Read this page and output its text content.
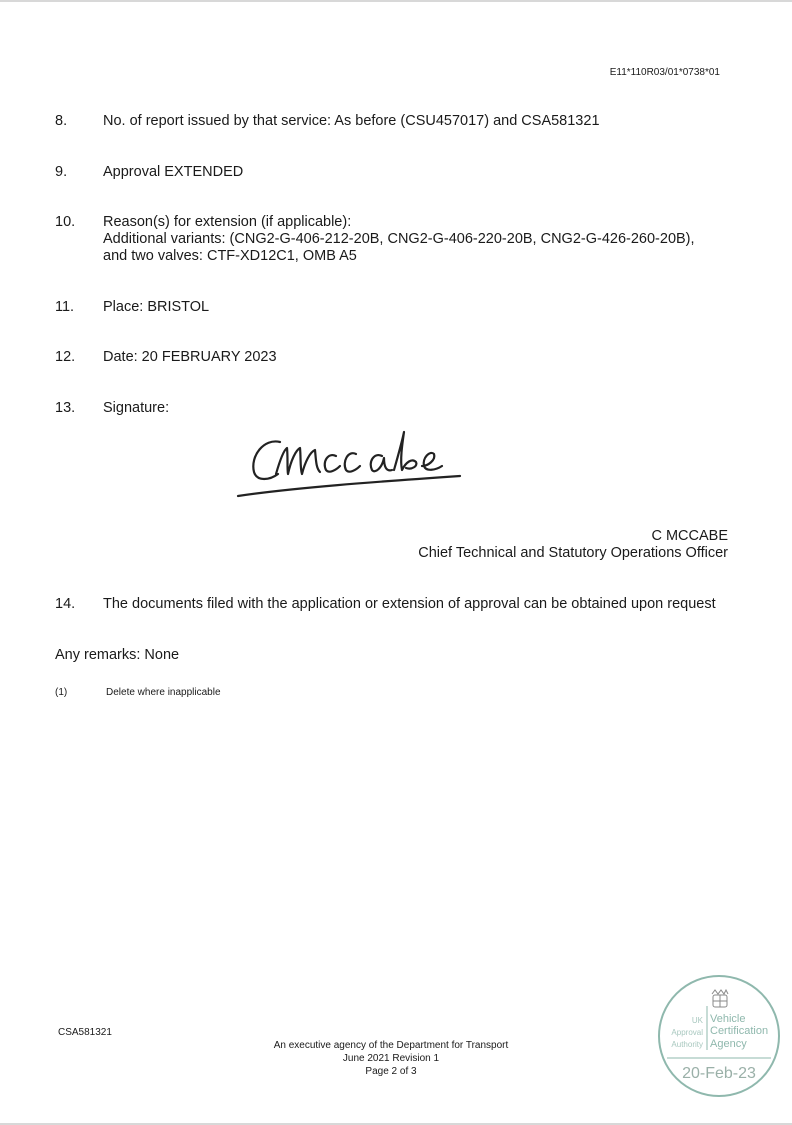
E11*110R03/01*0738*01
8. No. of report issued by that service: As before (CSU457017) and CSA581321
9. Approval EXTENDED
10. Reason(s) for extension (if applicable):
Additional variants: (CNG2-G-406-212-20B, CNG2-G-406-220-20B, CNG2-G-426-260-20B),
and two valves: CTF-XD12C1, OMB A5
11. Place: BRISTOL
12. Date: 20 FEBRUARY 2023
13. Signature:
C MCCABE
Chief Technical and Statutory Operations Officer
14. The documents filed with the application or extension of approval can be obtained upon request
Any remarks: None
(1)	Delete where inapplicable
CSA581321
An executive agency of the Department for Transport
June 2021 Revision 1
Page 2 of 3
UK
Approval
Authority
Vehicle
Certification
Agency
20-Feb-23
